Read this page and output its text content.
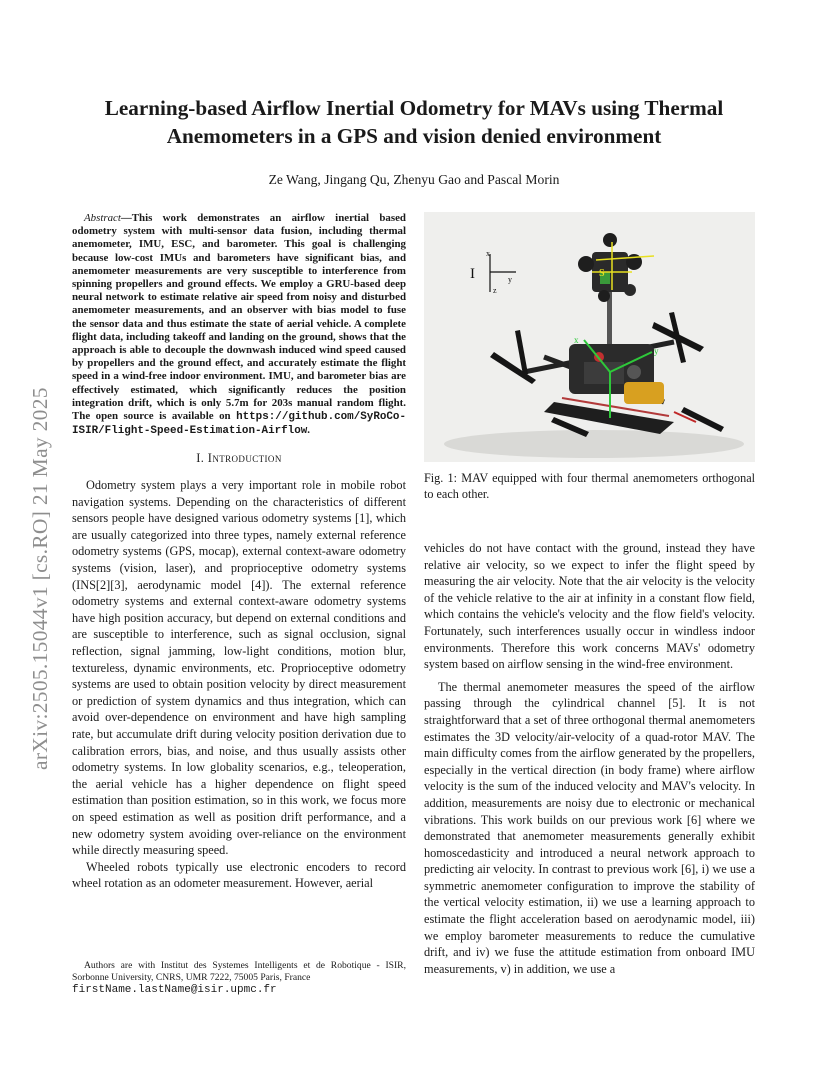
arXiv:2505.15044v1 [cs.RO] 21 May 2025
Learning-based Airflow Inertial Odometry for MAVs using Thermal
Anemometers in a GPS and vision denied environment
Ze Wang, Jingang Qu, Zhenyu Gao and Pascal Morin

Abstract—This work demonstrates an airflow inertial based odometry system with multi-sensor data fusion, including thermal anemometer, IMU, ESC, and barometer. This goal is challenging because low-cost IMUs and barometers have significant bias, and anemometer measurements are very susceptible to interference from spinning propellers and ground effects. We employ a GRU-based deep neural network to estimate relative air speed from noisy and disturbed anemometer measurements, and an observer with bias model to fuse the sensor data and thus estimate the state of aerial vehicle. A complete flight data, including takeoff and landing on the ground, shows that the approach is able to decouple the downwash induced wind speed caused by propellers and the ground effect, and accurately estimate the flight speed in a wind-free indoor environment. IMU, and barometer bias are effectively estimated, which significantly reduces the position integration drift, which is only 5.7m for 203s manual random flight. The open source is available on https://github.com/SyRoCo-ISIR/Flight-Speed-Estimation-Airflow.

I. Introduction

Odometry system plays a very important role in mobile robot navigation systems. Depending on the characteristics of different sensors people have designed various odometry systems [1], which are usually categorized into three types, namely external reference odometry systems (GPS, mocap), external context-aware odometry systems (vision, laser), and proprioceptive odometry systems (INS[2][3], aerodynamic model [4]). The external reference odometry systems and external context-aware odometry systems have high position accuracy, but depend on external conditions and are susceptible to interference, such as signal occlusion, signal reflection, signal jamming, low-light conditions, motion blur, textureless, dynamic environments, etc. Proprioceptive odometry systems are used to obtain position velocity by direct measurement or prediction of system dynamics and thus integration, which can avoid over-dependence on environment and have high sampling rate, but accumulate drift during velocity position derivation due to calibration errors, bias, and noise, and thus usually assists other odometry systems. In low globality scenarios, e.g., teleoperation, the aerial vehicle has a higher dependence on flight speed estimation than position estimation, so in this work, we focus more on speed estimation as well as position drift performance, and a new odometry system avoiding over-reliance on the environment while directly measuring speed.

Wheeled robots typically use electronic encoders to record wheel rotation as an odometer measurement. However, aerial

Authors are with Institut des Systemes Intelligents et de Robotique - ISIR, Sorbonne University, CNRS, UMR 7222, 75005 Paris, France
firstName.lastName@isir.upmc.fr
I
x
y
z
S
x
y
Fig. 1: MAV equipped with four thermal anemometers orthogonal to each other.

vehicles do not have contact with the ground, instead they have relative air velocity, so we expect to infer the flight speed by measuring the air velocity. Note that the air velocity is the velocity of the vehicle relative to the air at infinity in a constant flow field, which contains the vehicle's velocity and the flow field's velocity. Fortunately, such interferences usually occur in windless indoor environments. Therefore this work concerns MAVs' odometry system based on airflow sensing in the wind-free environment.

The thermal anemometer measures the speed of the airflow passing through the cylindrical channel [5]. It is not straightforward that a set of three orthogonal thermal anemometers estimates the 3D velocity/air-velocity of a quad-rotor MAV. The main difficulty comes from the airflow generated by the propellers, especially in the vertical direction (in body frame) where airflow velocity is the sum of the induced velocity and MAV's velocity. In addition, measurements are noisy due to electronic or mechanical vibrations. This work builds on our previous work [6] where we demonstrated that anemometer measurements generally exhibit homoscedasticity and introduced a neural network approach to predicting air velocity. In contrast to previous work [6], i) we use a symmetric anemometer configuration to improve the stability of the vertical velocity estimation, ii) we use a learning approach to estimate the flight acceleration based on aerodynamic model, iii) we employ barometer measurements to reduce the cumulative drift, and iv) we fuse the attitude estimation from onboard IMU measurements, v) in addition, we use a
